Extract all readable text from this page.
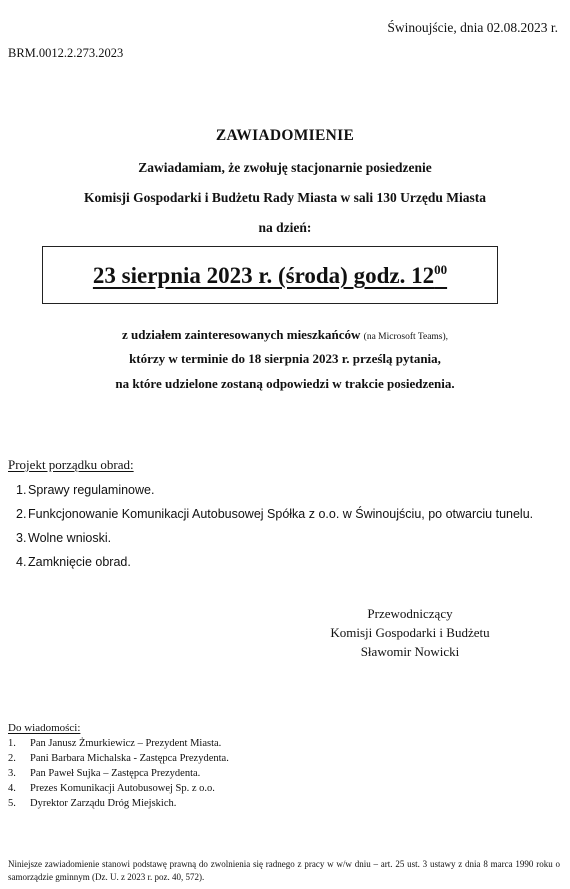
Świnoujście, dnia 02.08.2023 r.
BRM.0012.2.273.2023
ZAWIADOMIENIE
Zawiadamiam, że zwołuję stacjonarnie posiedzenie
Komisji Gospodarki i Budżetu Rady Miasta w sali 130 Urzędu Miasta
na dzień:
23 sierpnia 2023 r. (środa) godz. $12^{00}$
z udziałem zainteresowanych mieszkańców (na Microsoft Teams),
którzy w terminie do 18 sierpnia 2023 r. prześlą pytania,
na które udzielone zostaną odpowiedzi w trakcie posiedzenia.
Projekt porządku obrad:
1. Sprawy regulaminowe.
2. Funkcjonowanie Komunikacji Autobusowej Spółka z o.o. w Świnoujściu, po otwarciu tunelu.
3. Wolne wnioski.
4. Zamknięcie obrad.
Przewodniczący
Komisji Gospodarki i Budżetu
Sławomir Nowicki
Do wiadomości:
1. Pan Janusz Żmurkiewicz – Prezydent Miasta.
2. Pani Barbara Michalska - Zastępca Prezydenta.
3. Pan Paweł Sujka – Zastępca Prezydenta.
4. Prezes Komunikacji Autobusowej Sp. z o.o.
5. Dyrektor Zarządu Dróg Miejskich.
Niniejsze zawiadomienie stanowi podstawę prawną do zwolnienia się radnego z pracy w w/w dniu – art. 25 ust. 3 ustawy z dnia 8 marca 1990 roku o samorządzie gminnym (Dz. U. z 2023 r. poz. 40, 572).
